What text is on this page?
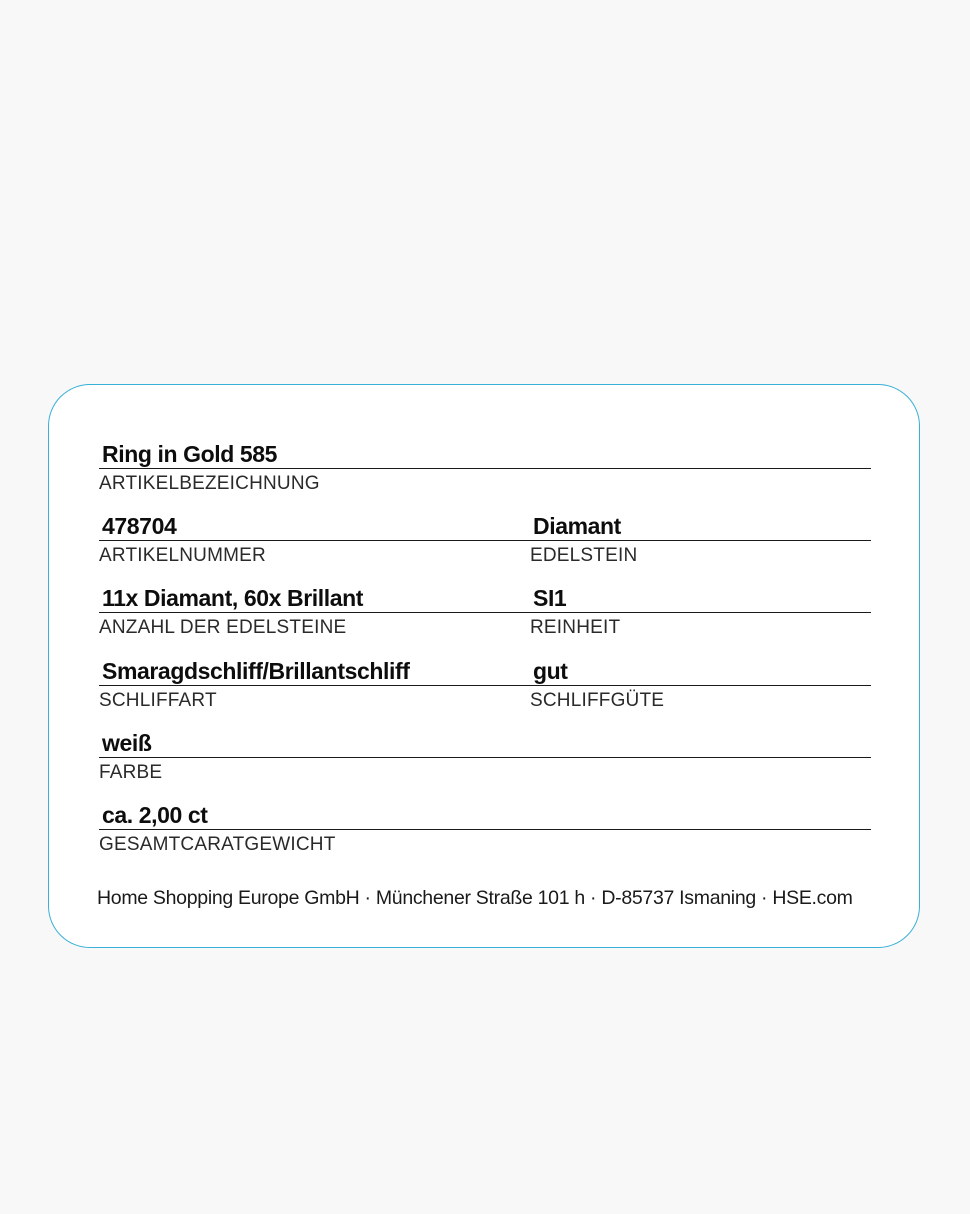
Ring in Gold 585
ARTIKELBEZEICHNUNG
478704
ARTIKELNUMMER
Diamant
EDELSTEIN
11x Diamant, 60x Brillant
ANZAHL DER EDELSTEINE
SI1
REINHEIT
Smaragdschliff/Brillantschliff
SCHLIFFART
gut
SCHLIFFGÜTE
weiß
FARBE
ca. 2,00 ct
GESAMTCARATGEWICHT
Home Shopping Europe GmbH · Münchener Straße 101 h · D-85737 Ismaning · HSE.com
